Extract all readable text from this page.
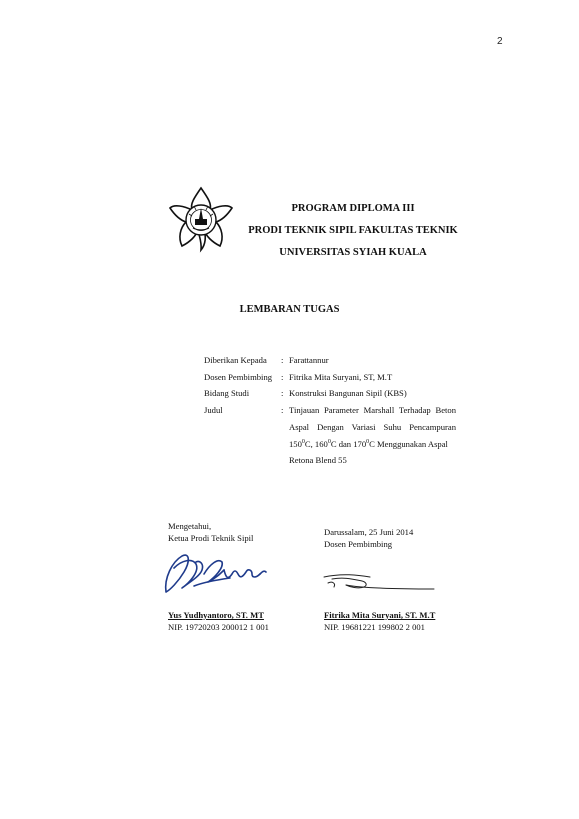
2
PROGRAM DIPLOMA III
PRODI TEKNIK SIPIL FAKULTAS TEKNIK
UNIVERSITAS SYIAH KUALA
LEMBARAN TUGAS
Diberikan Kepada	: Farattannur
Dosen Pembimbing	: Fitrika Mita Suryani, ST, M.T
Bidang Studi	: Konstruksi Bangunan Sipil (KBS)
Judul	: Tinjauan Parameter Marshall Terhadap Beton Aspal Dengan Variasi Suhu Pencampuran $150^0C$, $160^0C$ dan $170^0C$ Menggunakan Aspal
Retona Blend 55
Mengetahui,
Ketua Prodi Teknik Sipil
Yus Yudhyantoro, ST. MT
NIP. 19720203 200012 1 001
Darussalam, 25 Juni 2014
Dosen Pembimbing
Fitrika Mita Suryani, ST. M.T
NIP. 19681221 199802 2 001
